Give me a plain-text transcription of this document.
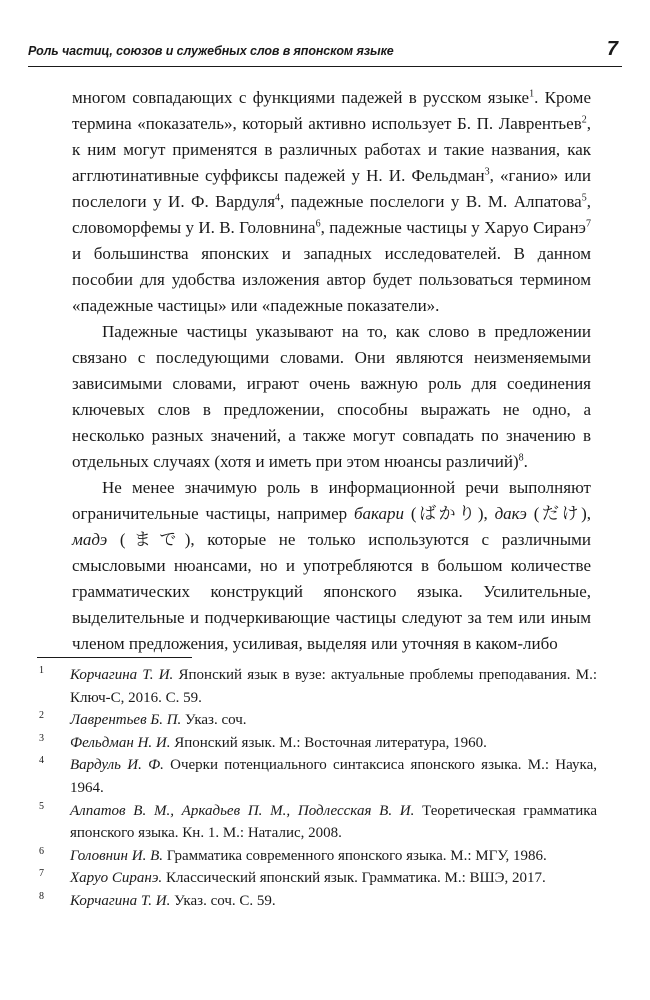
Роль частиц, союзов и служебных слов в японском языке	7

многом совпадающих с функциями падежей в русском языке$^1$. Кроме термина «показатель», который активно использует Б. П. Лаврентьев$^2$, к ним могут применятся в различных работах и такие названия, как агглютинативные суффиксы падежей у Н. И. Фельдман$^3$, «ганио» или послелоги у И. Ф. Вардуля$^4$, падежные послелоги у В. М. Алпатова$^5$, словоморфемы у И. В. Головнина$^6$, падежные частицы у Харуо Сиранэ$^7$ и большинства японских и западных исследователей. В данном пособии для удобства изложения автор будет пользоваться термином «падежные частицы» или «падежные показатели».

Падежные частицы указывают на то, как слово в предложении связано с последующими словами. Они являются неизменяемыми зависимыми словами, играют очень важную роль для соединения ключевых слов в предложении, способны выражать не одно, а несколько разных значений, а также могут совпадать по значению в отдельных случаях (хотя и иметь при этом нюансы различий)$^8$.

Не менее значимую роль в информационной речи выполняют ограничительные частицы, например бакари (ばかり), дакэ (だけ), мадэ (まで), которые не только используются с различными смысловыми нюансами, но и употребляются в большом количестве грамматических конструкций японского языка. Усилительные, выделительные и подчеркивающие частицы следуют за тем или иным членом предложения, усиливая, выделяя или уточняя в каком-либо

1 Корчагина Т. И. Японский язык в вузе: актуальные проблемы преподавания. М.: Ключ-С, 2016. С. 59.
2 Лаврентьев Б. П. Указ. соч.
3 Фельдман Н. И. Японский язык. М.: Восточная литература, 1960.
4 Вардуль И. Ф. Очерки потенциального синтаксиса японского языка. М.: Наука, 1964.
5 Алпатов В. М., Аркадьев П. М., Подлесская В. И. Теоретическая грамматика японского языка. Кн. 1. М.: Наталис, 2008.
6 Головнин И. В. Грамматика современного японского языка. М.: МГУ, 1986.
7 Харуо Сиранэ. Классический японский язык. Грамматика. М.: ВШЭ, 2017.
8 Корчагина Т. И. Указ. соч. С. 59.
